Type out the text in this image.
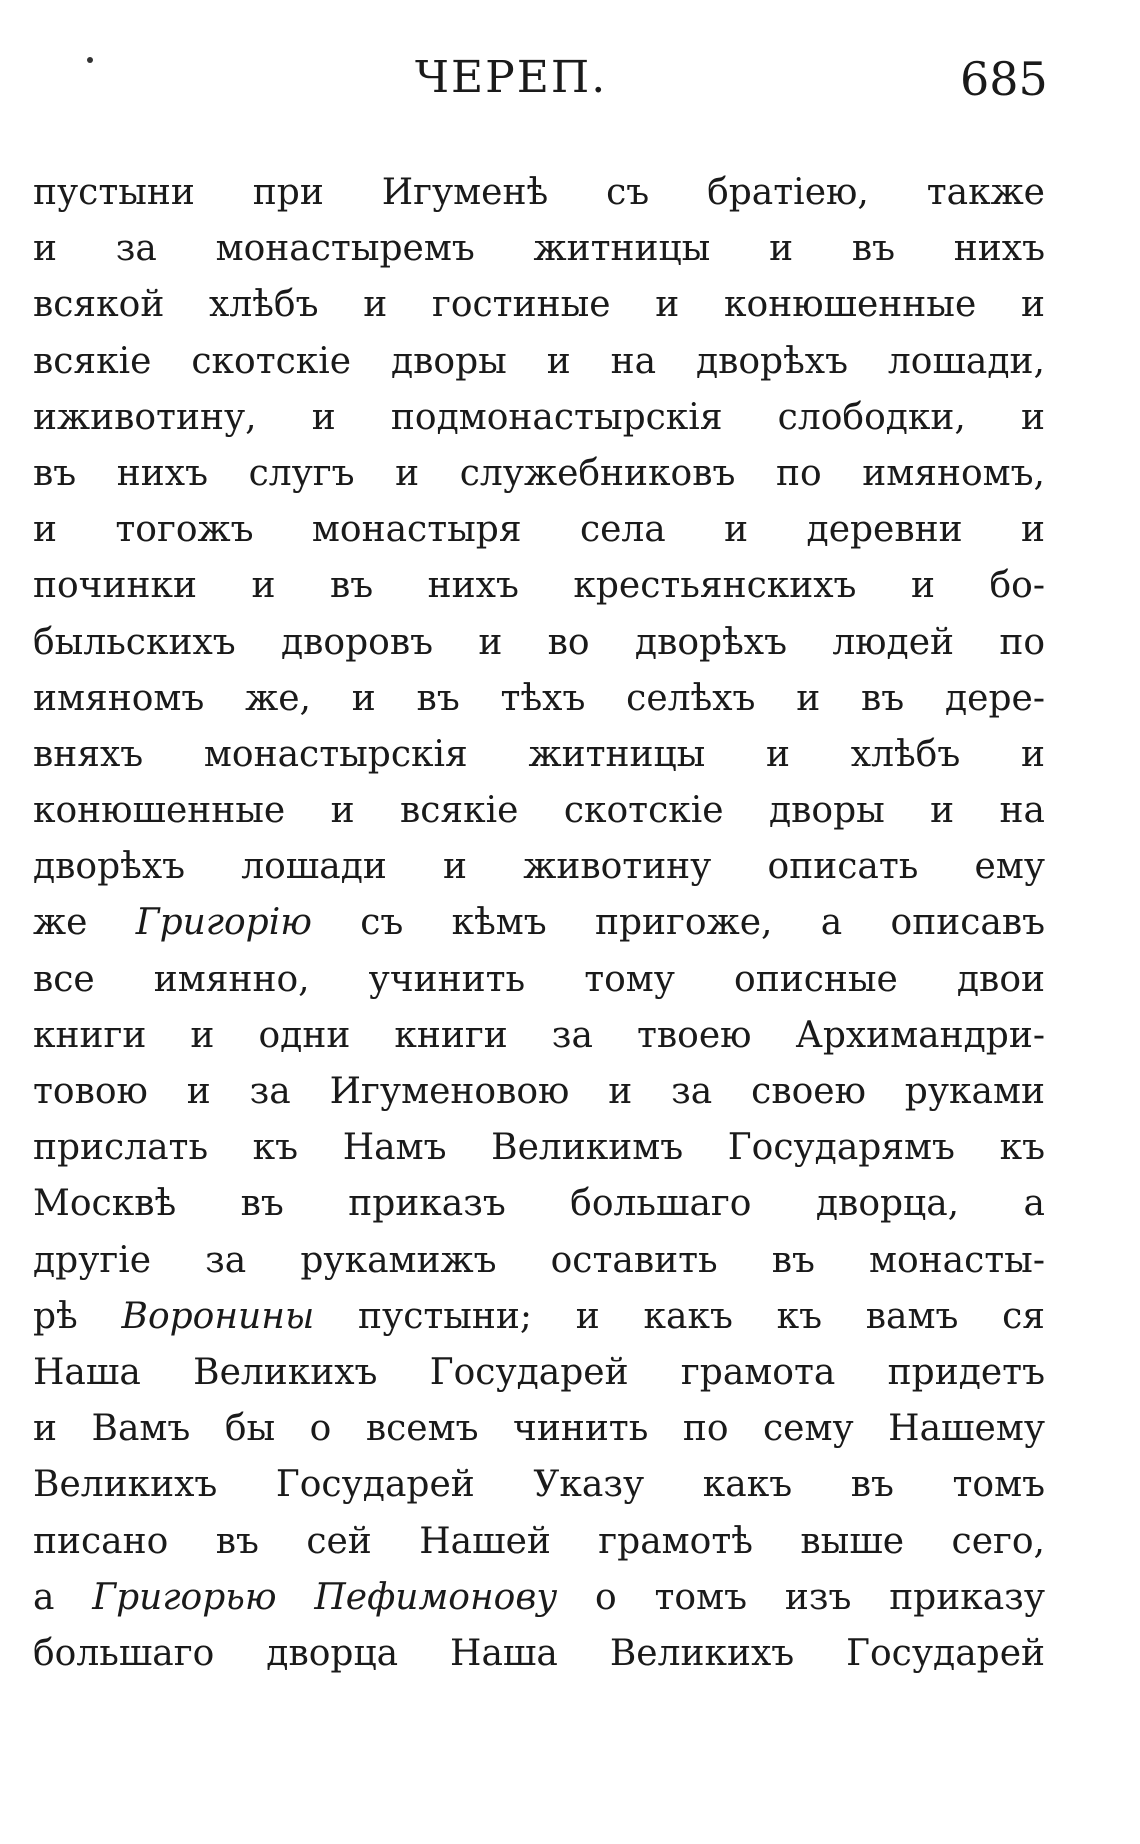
ЧЕРЕП.	685
пустыни при Игуменѣ съ братіею, также
и за монастыремъ житницы и въ нихъ
всякой хлѣбъ и гостиные и конюшенные и
всякіе скотскіе дворы и на дворѣхъ лошади,
иживотину, и подмонастырскія слободки, и
въ нихъ слугъ и служебниковъ по имяномъ,
и тогожъ монастыря села и деревни и
починки и въ нихъ крестьянскихъ и бо-
быльскихъ дворовъ и во дворѣхъ людей по
имяномъ же, и въ тѣхъ селѣхъ и въ дере-
вняхъ монастырскія житницы и хлѣбъ и
конюшенные и всякіе скотскіе дворы и на
дворѣхъ лошади и животину описать ему
же Григорію съ кѣмъ пригоже, а описавъ
все имянно, учинить тому описные двои
книги и одни книги за твоею Архимандри-
товою и за Игуменовою и за своею руками
прислать къ Намъ Великимъ Государямъ къ
Москвѣ въ приказъ большаго дворца, а
другіе за рукамижъ оставить въ монасты-
рѣ Воронины пустыни; и какъ къ вамъ ся
Наша Великихъ Государей грамота придетъ
и Вамъ бы о всемъ чинить по сему Нашему
Великихъ Государей Указу какъ въ томъ
писано въ сей Нашей грамотѣ выше сего,
а Григорью Пефимонову о томъ изъ приказу
большаго дворца Наша Великихъ Государей
